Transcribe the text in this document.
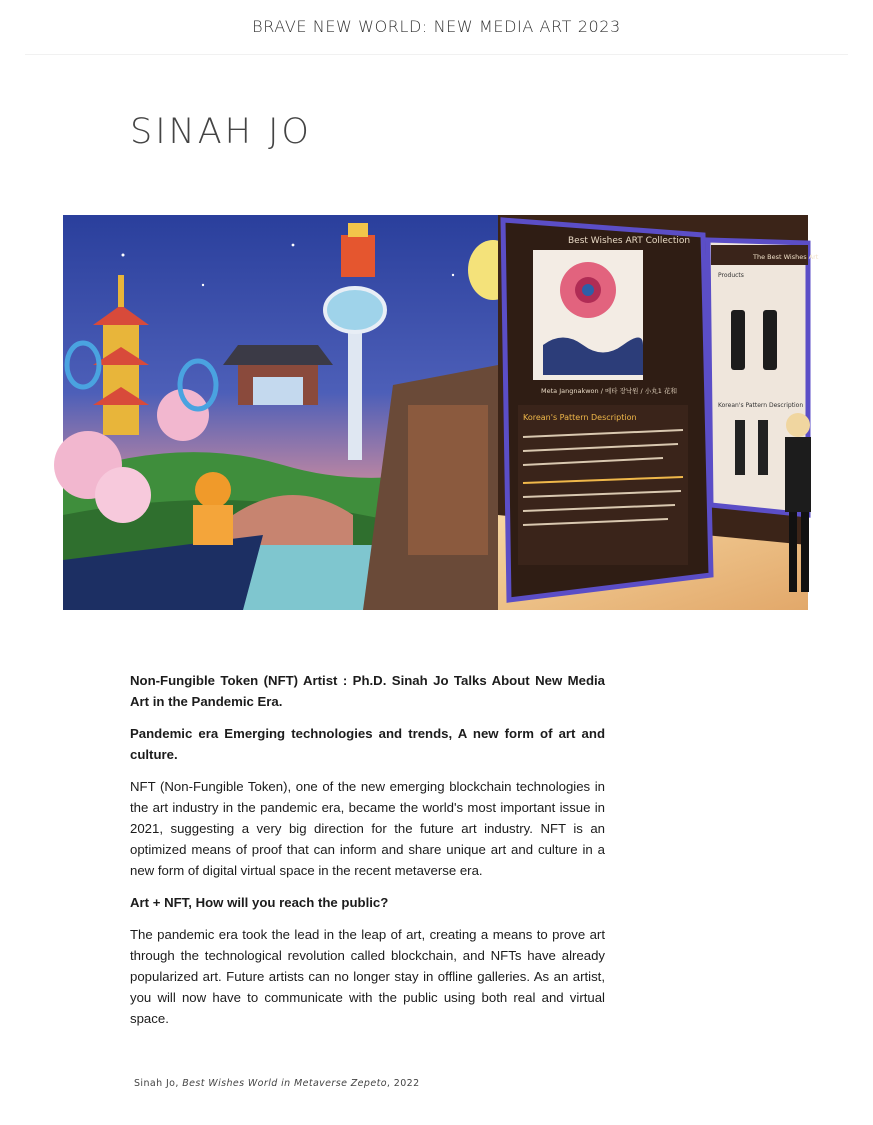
BRAVE NEW WORLD: NEW MEDIA ART 2023
SINAH JO
Best Wishes ART Collection
Meta Jangnakwon / 메타 장낙원 / 小丸1 花和
Korean's Pattern Description
The Best Wishes Art
Products
Korean's Pattern Description

Non-Fungible Token (NFT) Artist : Ph.D. Sinah Jo Talks About New Media Art in the Pandemic Era.

Pandemic era Emerging technologies and trends, A new form of art and culture.

NFT (Non-Fungible Token), one of the new emerging blockchain technologies in the art industry in the pandemic era, became the world's most important issue in 2021, suggesting a very big direction for the future art industry. NFT is an optimized means of proof that can inform and share unique art and culture in a new form of digital virtual space in the recent metaverse era.

Art + NFT, How will you reach the public?

The pandemic era took the lead in the leap of art, creating a means to prove art through the technological revolution called blockchain, and NFTs have already popularized art. Future artists can no longer stay in offline galleries. As an artist, you will now have to communicate with the public using both real and virtual space.

Sinah Jo, Best Wishes World in Metaverse Zepeto, 2022
